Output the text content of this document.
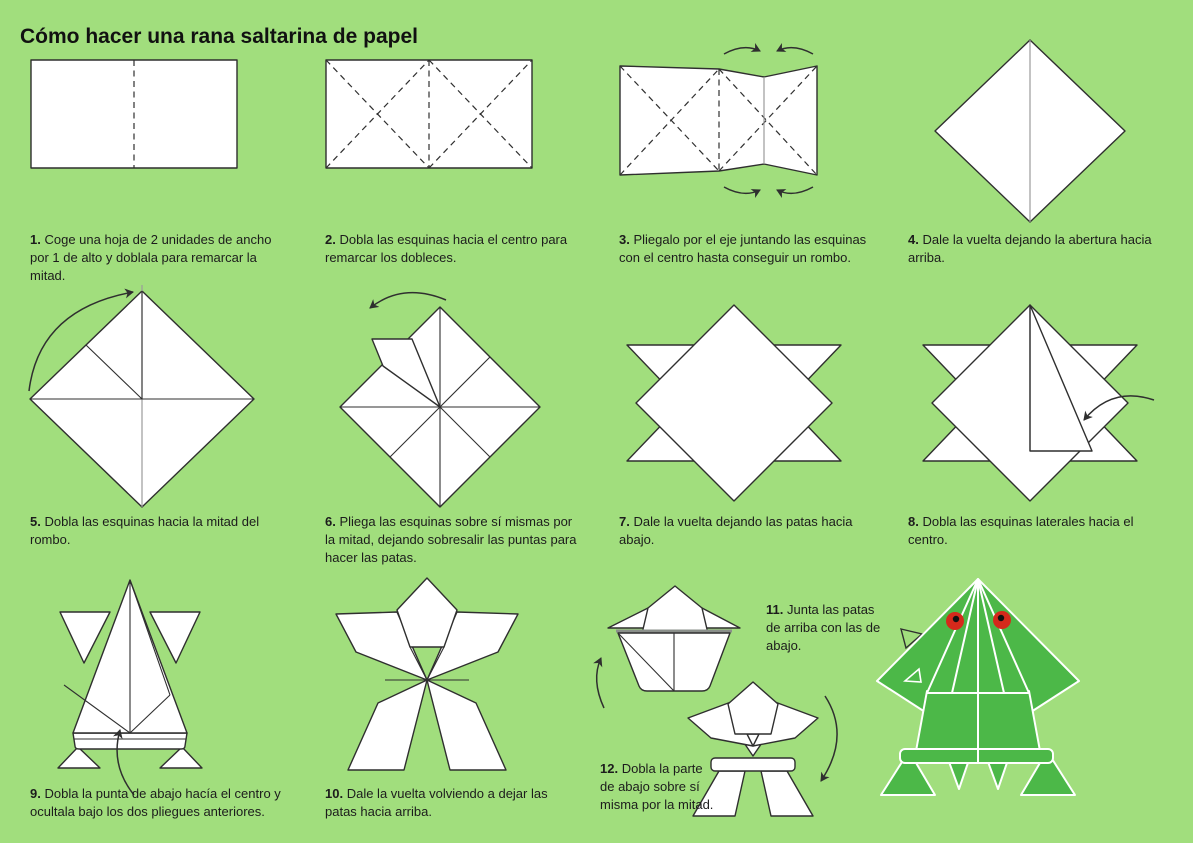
Cómo hacer una rana saltarina de papel
1. Coge una hoja de 2 unidades de ancho por 1 de alto y doblala para remarcar la mitad.
2. Dobla las esquinas hacia el centro para remarcar los dobleces.
3. Pliegalo por el eje juntando las esquinas con el centro hasta conseguir un rombo.
4. Dale la vuelta dejando la abertura hacia arriba.
5. Dobla las esquinas hacia la mitad del rombo.
6. Pliega las esquinas sobre sí mismas por la mitad, dejando sobresalir las puntas para hacer las patas.
7. Dale la vuelta dejando las patas hacia abajo.
8. Dobla las esquinas laterales hacia el centro.
9. Dobla la punta de abajo hacía el centro y ocultala bajo los dos pliegues anteriores.
10. Dale la vuelta volviendo a dejar las patas hacia arriba.
11. Junta las patas de arriba con las de abajo.
12. Dobla la parte de abajo sobre sí misma por la mitad.
